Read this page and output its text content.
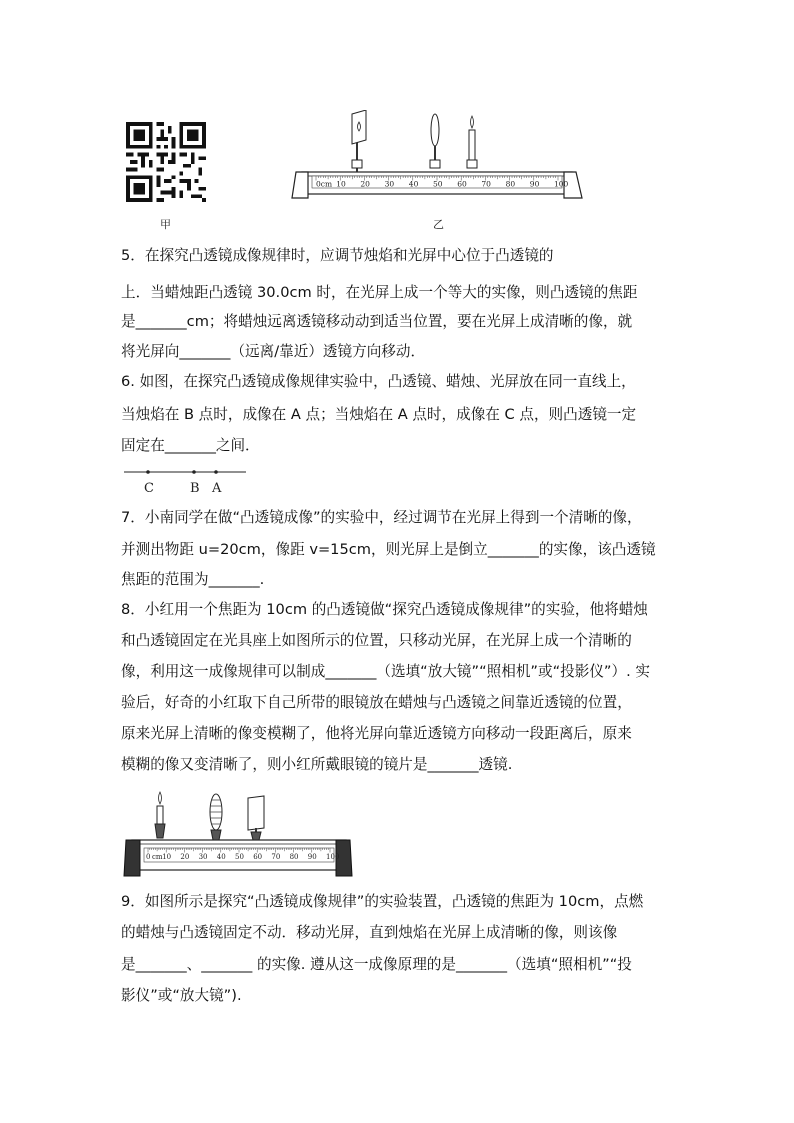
甲
0cm 10 20 30 40 50 60 70 80 90 100
乙
5．在探究凸透镜成像规律时，应调节烛焰和光屏中心位于凸透镜的
上．当蜡烛距凸透镜 30.0cm 时，在光屏上成一个等大的实像，则凸透镜的焦距
是_______cm；将蜡烛远离透镜移动动到适当位置，要在光屏上成清晰的像，就
将光屏向_______（远离/靠近）透镜方向移动．
6. 如图，在探究凸透镜成像规律实验中，凸透镜、蜡烛、光屏放在同一直线上，
当烛焰在 B 点时，成像在 A 点；当烛焰在 A 点时，成像在 C 点，则凸透镜一定
固定在_______之间．
C	B A
7．小南同学在做“凸透镜成像”的实验中，经过调节在光屏上得到一个清晰的像，
并测出物距 u=20cm，像距 v=15cm，则光屏上是倒立_______的实像，该凸透镜
焦距的范围为_______.
8．小红用一个焦距为 10cm 的凸透镜做“探究凸透镜成像规律”的实验，他将蜡烛
和凸透镜固定在光具座上如图所示的位置，只移动光屏，在光屏上成一个清晰的
像，利用这一成像规律可以制成_______（选填“放大镜”“照相机”或“投影仪”）. 实
验后，好奇的小红取下自己所带的眼镜放在蜡烛与凸透镜之间靠近透镜的位置，
原来光屏上清晰的像变模糊了，他将光屏向靠近透镜方向移动一段距离后，原来
模糊的像又变清晰了，则小红所戴眼镜的镜片是_______透镜.
0 cm 10 20 30 40 50 60 70 80 90 100
9．如图所示是探究“凸透镜成像规律”的实验装置，凸透镜的焦距为 10cm，点燃
的蜡烛与凸透镜固定不动．移动光屏，直到烛焰在光屏上成清晰的像，则该像
是_______、_______ 的实像. 遵从这一成像原理的是_______（选填“照相机”“投
影仪”或“放大镜”).
